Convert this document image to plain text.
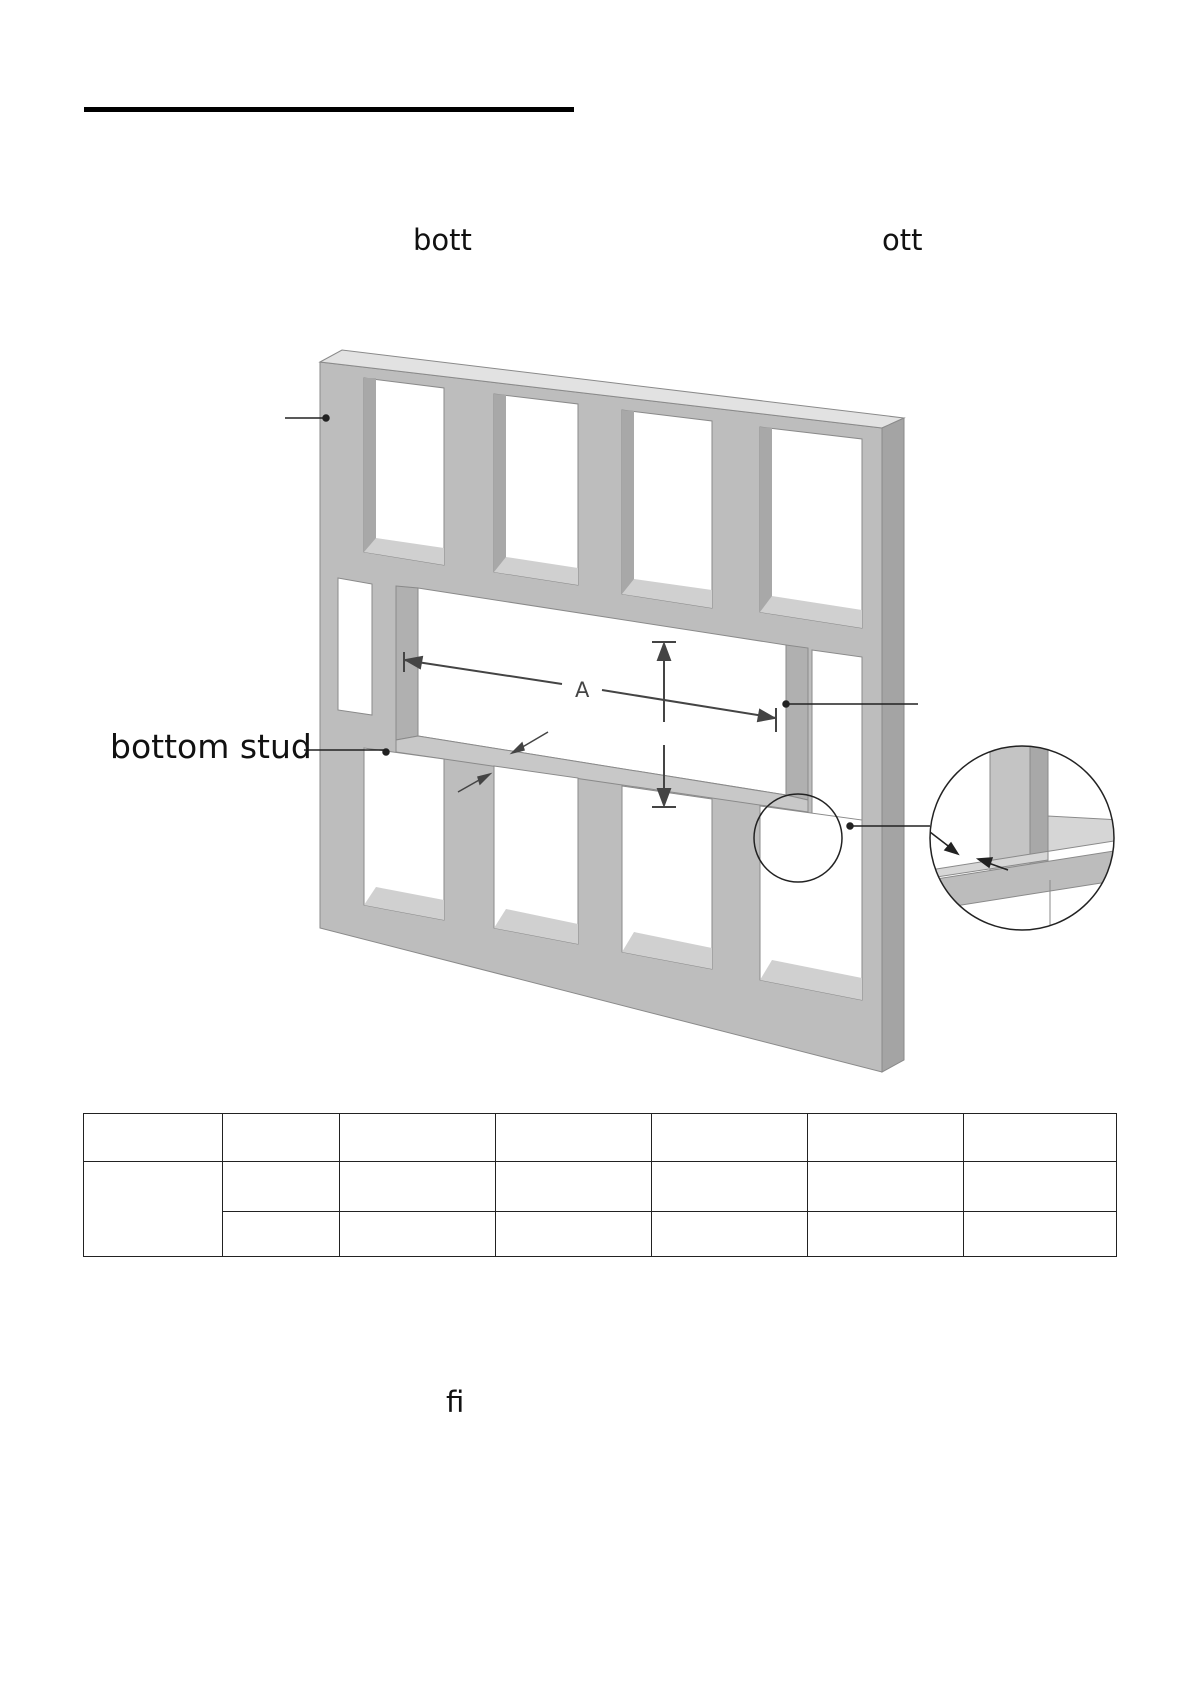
bott	ott
A
bottom stud

ﬁ
